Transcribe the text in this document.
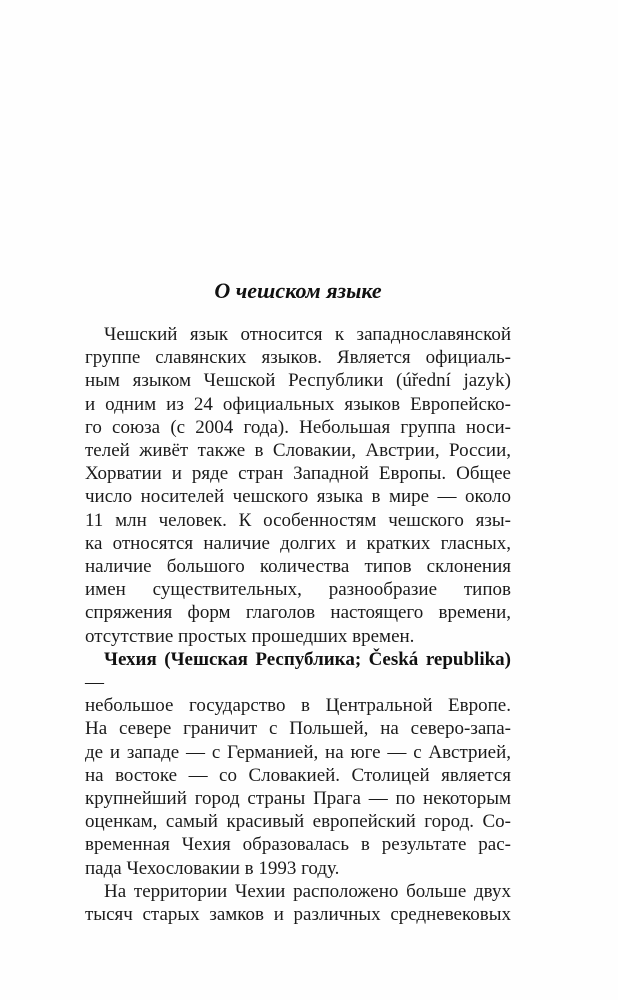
О чешском языке
Чешский язык относится к западнославянской
группе славянских языков. Является официаль-
ным языком Чешской Республики (úřední jazyk)
и одним из 24 официальных языков Европейско-
го союза (с 2004 года). Небольшая группа носи-
телей живёт также в Словакии, Австрии, России,
Хорватии и ряде стран Западной Европы. Общее
число носителей чешского языка в мире — около
11 млн человек. К особенностям чешского язы-
ка относятся наличие долгих и кратких гласных,
наличие большого количества типов склонения
имен существительных, разнообразие типов
спряжения форм глаголов настоящего времени,
отсутствие простых прошедших времен.
Чехия (Чешская Республика; Česká republika) —
небольшое государство в Центральной Европе.
На севере граничит с Польшей, на северо-запа-
де и западе — с Германией, на юге — с Австрией,
на востоке — со Словакией. Столицей является
крупнейший город страны Прага — по некоторым
оценкам, самый красивый европейский город. Со-
временная Чехия образовалась в результате рас-
пада Чехословакии в 1993 году.
На территории Чехии расположено больше двух
тысяч старых замков и различных средневековых
